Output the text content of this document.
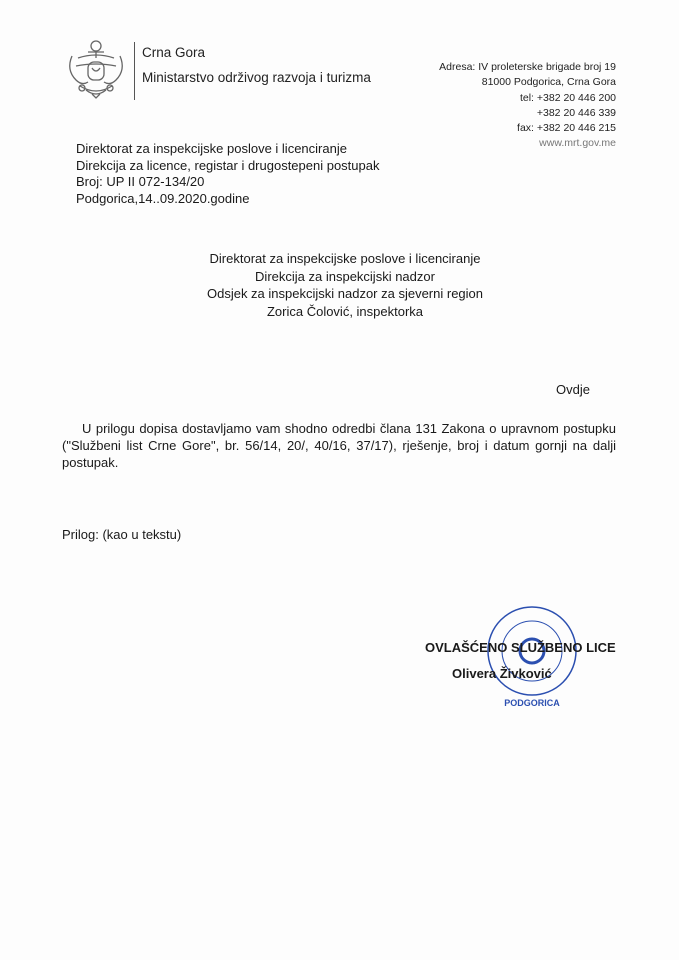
Crna Gora
Ministarstvo održivog razvoja i turizma
Adresa: IV proleterske brigade broj 19
81000 Podgorica, Crna Gora
tel: +382 20 446 200
+382 20 446 339
fax: +382 20 446 215
www.mrt.gov.me
Direktorat za inspekcijske poslove i licenciranje
Direkcija za licence, registar i drugostepeni postupak
Broj: UP II 072-134/20
Podgorica,14..09.2020.godine
Direktorat za inspekcijske poslove i licenciranje
Direkcija za inspekcijski nadzor
Odsjek za inspekcijski nadzor za sjeverni region
Zorica Čolović, inspektorka
Ovdje
U prilogu dopisa dostavljamo vam shodno odredbi člana 131 Zakona o upravnom postupku ("Službeni list Crne Gore", br. 56/14, 20/, 40/16, 37/17), rješenje, broj i datum gornji na dalji postupak.
Prilog: (kao u tekstu)
PODGORICA
OVLAŠĆENO SLUŽBENO LICE
Olivera Živković
